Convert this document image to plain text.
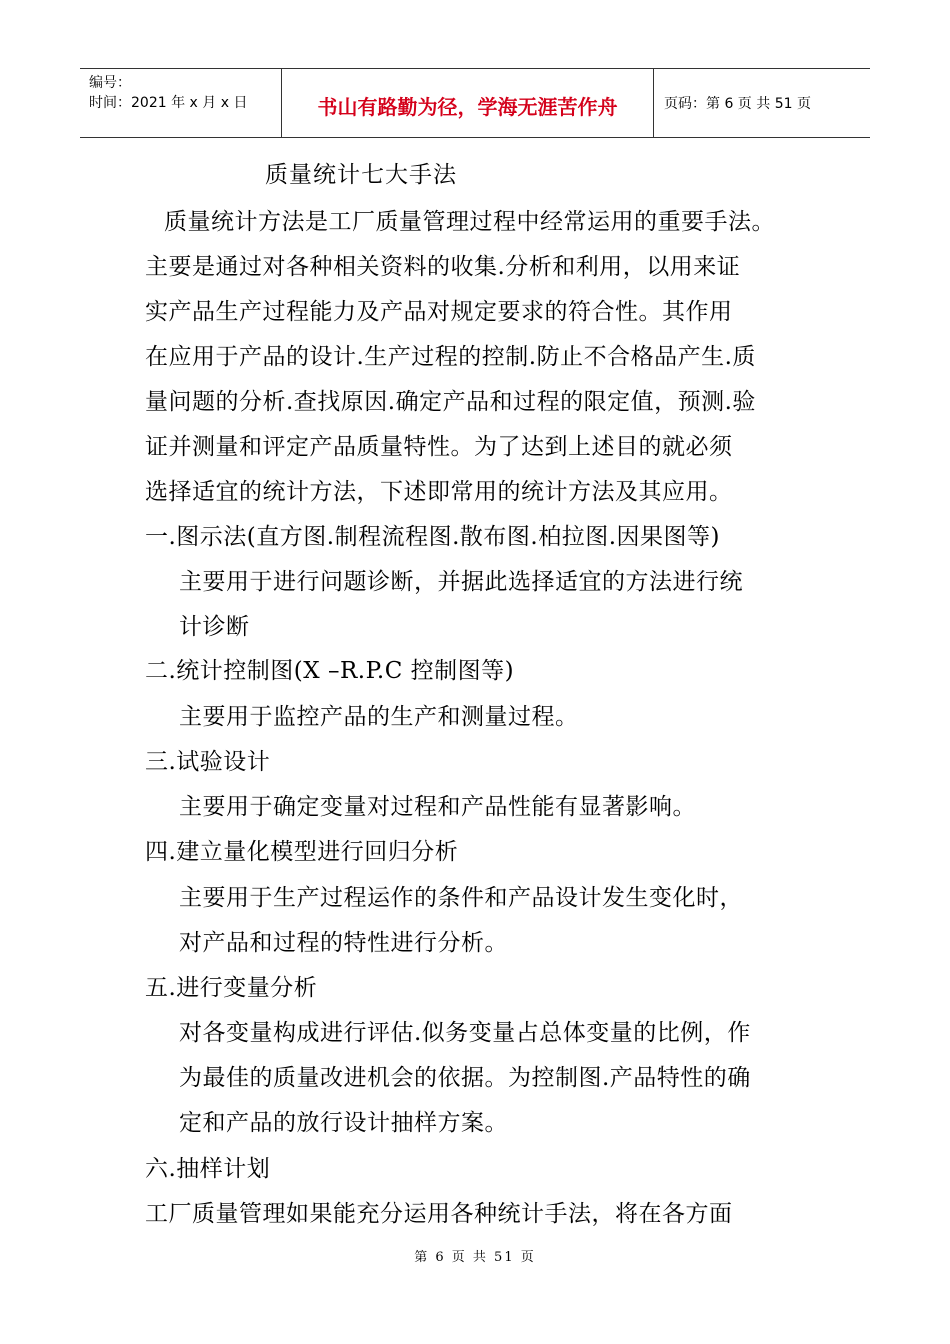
编号：
时间：2021 年 x 月 x 日	书山有路勤为径，学海无涯苦作舟	页码：第 6 页 共 51 页
质量统计七大手法
质量统计方法是工厂质量管理过程中经常运用的重要手法。
主要是通过对各种相关资料的收集.分析和利用，以用来证
实产品生产过程能力及产品对规定要求的符合性。其作用
在应用于产品的设计.生产过程的控制.防止不合格品产生.质
量问题的分析.查找原因.确定产品和过程的限定值，预测.验
证并测量和评定产品质量特性。为了达到上述目的就必须
选择适宜的统计方法，下述即常用的统计方法及其应用。
一.图示法(直方图.制程流程图.散布图.柏拉图.因果图等)
主要用于进行问题诊断，并据此选择适宜的方法进行统
计诊断
二.统计控制图(X –R.P.C 控制图等)
主要用于监控产品的生产和测量过程。
三.试验设计
主要用于确定变量对过程和产品性能有显著影响。
四.建立量化模型进行回归分析
主要用于生产过程运作的条件和产品设计发生变化时，
对产品和过程的特性进行分析。
五.进行变量分析
对各变量构成进行评估.似务变量占总体变量的比例，作
为最佳的质量改进机会的依据。为控制图.产品特性的确
定和产品的放行设计抽样方案。
六.抽样计划
工厂质量管理如果能充分运用各种统计手法，将在各方面
第 6 页 共 51 页
